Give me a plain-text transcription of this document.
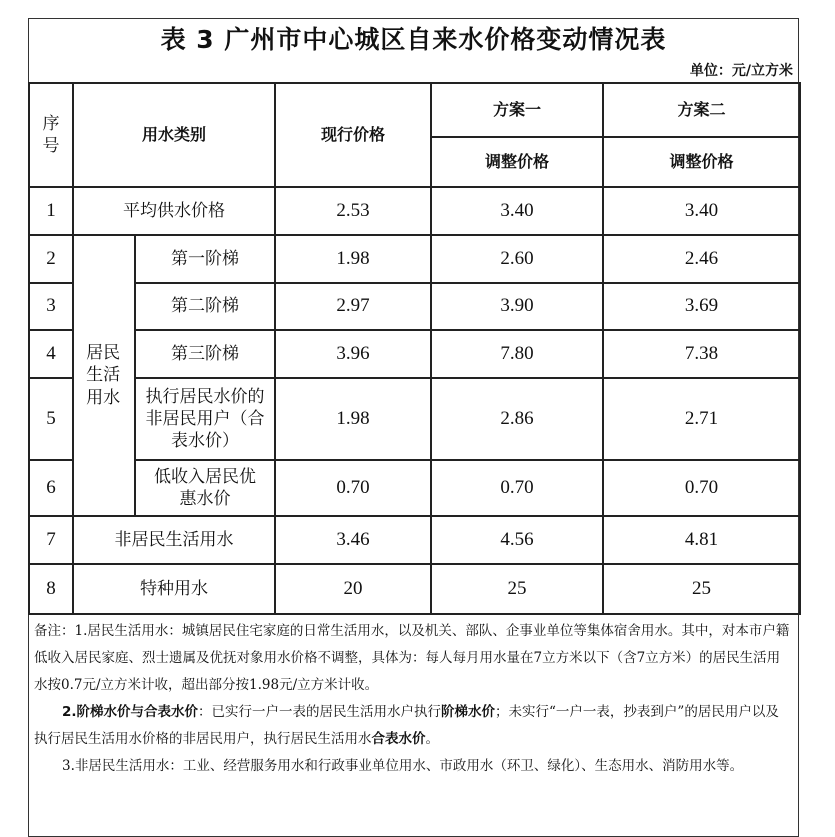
表 3 广州市中心城区自来水价格变动情况表
单位：元/立方米
序号	用水类别		现行价格	方案一	方案二
				调整价格	调整价格
1	平均供水价格		2.53	3.40	3.40
2	居民生活用水	第一阶梯	1.98	2.60	2.46
3		第二阶梯	2.97	3.90	3.69
4		第三阶梯	3.96	7.80	7.38
5		执行居民水价的非居民用户（合表水价）	1.98	2.86	2.71
6		低收入居民优惠水价	0.70	0.70	0.70
7	非居民生活用水		3.46	4.56	4.81
8	特种用水		20	25	25

备注：1.居民生活用水：城镇居民住宅家庭的日常生活用水，以及机关、部队、企事业单位等集体宿舍用水。其中，对本市户籍低收入居民家庭、烈士遗属及优抚对象用水价格不调整，具体为：每人每月用水量在7立方米以下（含7立方米）的居民生活用水按0.7元/立方米计收，超出部分按1.98元/立方米计收。

2.阶梯水价与合表水价：已实行一户一表的居民生活用水户执行阶梯水价；未实行“一户一表，抄表到户”的居民用户以及执行居民生活用水价格的非居民用户，执行居民生活用水合表水价。

3.非居民生活用水：工业、经营服务用水和行政事业单位用水、市政用水（环卫、绿化）、生态用水、消防用水等。
